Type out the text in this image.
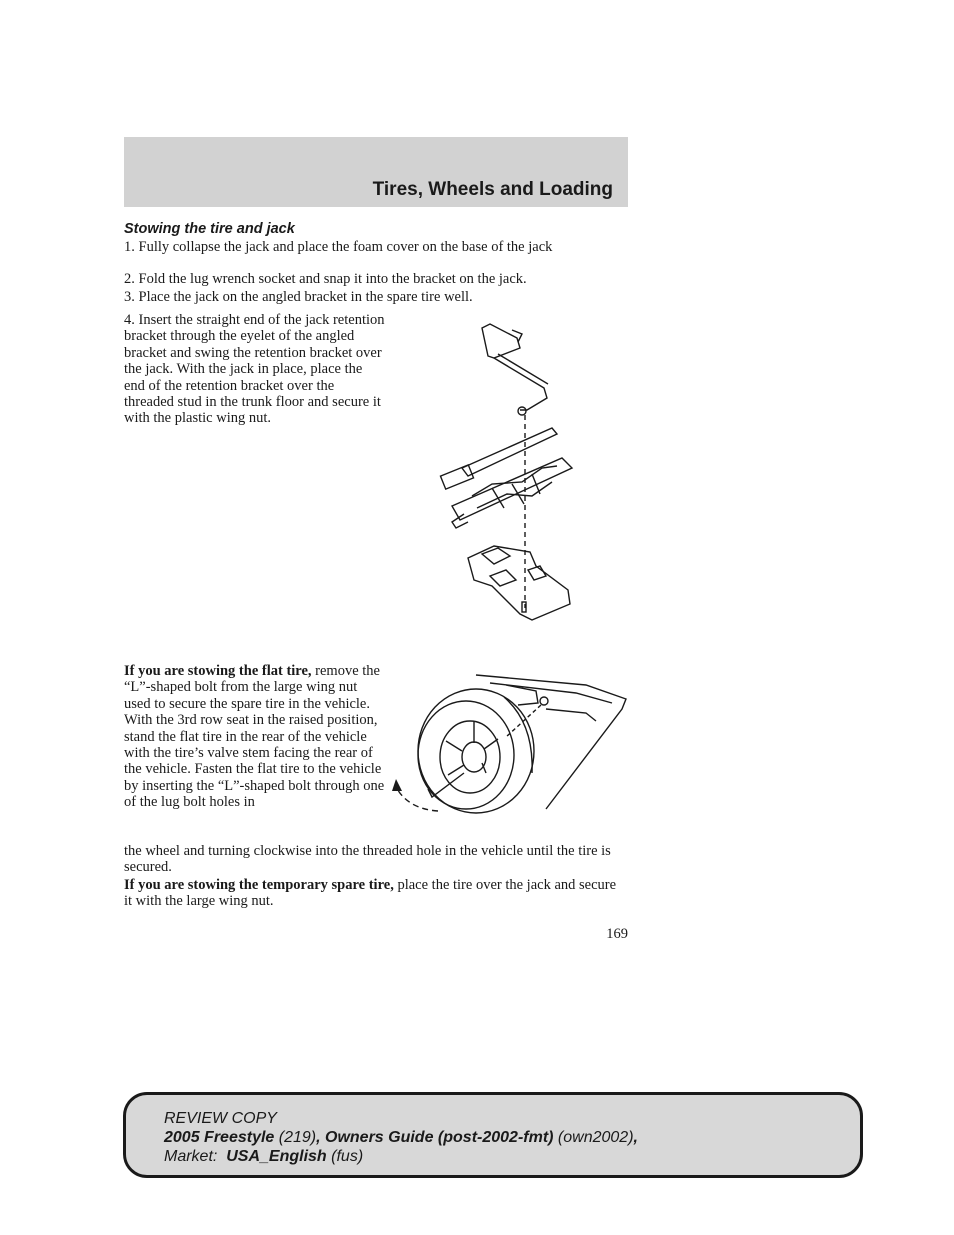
Tires, Wheels and Loading
Stowing the tire and jack

1. Fully collapse the jack and place the foam cover on the base of the jack

2. Fold the lug wrench socket and snap it into the bracket on the jack.

3. Place the jack on the angled bracket in the spare tire well.

4. Insert the straight end of the jack retention bracket through the eyelet of the angled bracket and swing the retention bracket over the jack. With the jack in place, place the end of the retention bracket over the threaded stud in the trunk floor and secure it with the plastic wing nut.

If you are stowing the flat tire, remove the “L”-shaped bolt from the large wing nut used to secure the spare tire in the vehicle. With the 3rd row seat in the raised position, stand the flat tire in the rear of the vehicle with the tire’s valve stem facing the rear of the vehicle. Fasten the flat tire to the vehicle by inserting the “L”-shaped bolt through one of the lug bolt holes in

the wheel and turning clockwise into the threaded hole in the vehicle until the tire is secured.

If you are stowing the temporary spare tire, place the tire over the jack and secure it with the large wing nut.

169
REVIEW COPY
2005 Freestyle (219), Owners Guide (post-2002-fmt) (own2002),
Market:  USA_English (fus)
